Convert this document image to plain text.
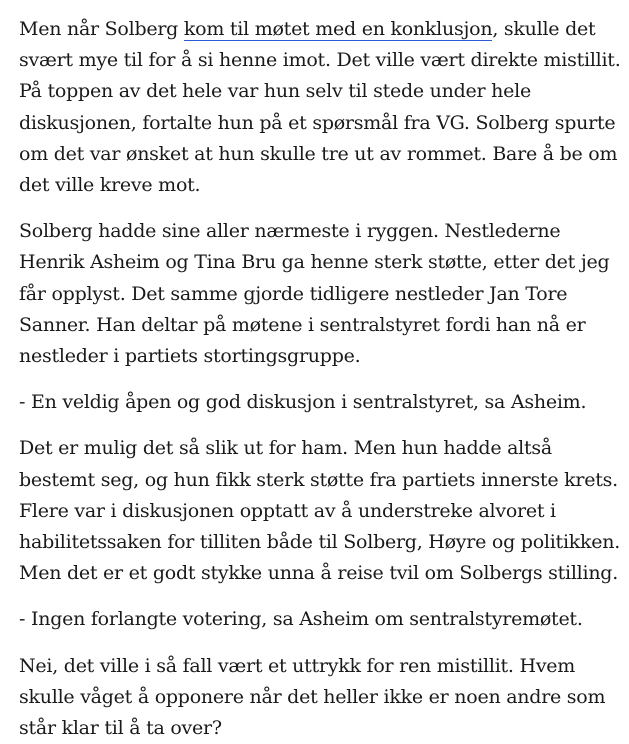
Men når Solberg kom til møtet med en konklusjon, skulle det svært mye til for å si henne imot. Det ville vært direkte mistillit. På toppen av det hele var hun selv til stede under hele diskusjonen, fortalte hun på et spørsmål fra VG. Solberg spurte om det var ønsket at hun skulle tre ut av rommet. Bare å be om det ville kreve mot.

Solberg hadde sine aller nærmeste i ryggen. Nestlederne Henrik Asheim og Tina Bru ga henne sterk støtte, etter det jeg får opplyst. Det samme gjorde tidligere nestleder Jan Tore Sanner. Han deltar på møtene i sentralstyret fordi han nå er nestleder i partiets stortingsgruppe.

- En veldig åpen og god diskusjon i sentralstyret, sa Asheim.

Det er mulig det så slik ut for ham. Men hun hadde altså bestemt seg, og hun fikk sterk støtte fra partiets innerste krets. Flere var i diskusjonen opptatt av å understreke alvoret i habilitetssaken for tilliten både til Solberg, Høyre og politikken. Men det er et godt stykke unna å reise tvil om Solbergs stilling.

- Ingen forlangte votering, sa Asheim om sentralstyremøtet.

Nei, det ville i så fall vært et uttrykk for ren mistillit. Hvem skulle våget å opponere når det heller ikke er noen andre som står klar til å ta over?
